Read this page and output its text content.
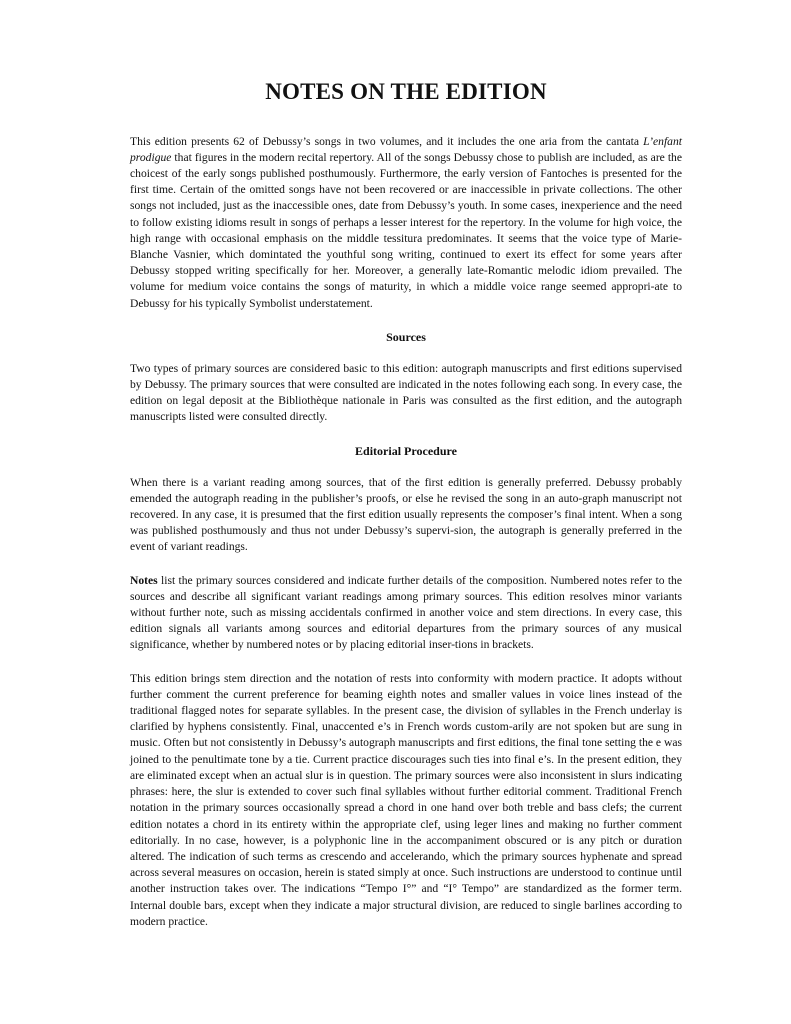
NOTES ON THE EDITION

This edition presents 62 of Debussy’s songs in two volumes, and it includes the one aria from the cantata L’enfant prodigue that figures in the modern recital repertory. All of the songs Debussy chose to publish are included, as are the choicest of the early songs published posthumously. Furthermore, the early version of Fantoches is presented for the first time. Certain of the omitted songs have not been recovered or are inaccessible in private collections. The other songs not included, just as the inaccessible ones, date from Debussy’s youth. In some cases, inexperience and the need to follow existing idioms result in songs of perhaps a lesser interest for the repertory. In the volume for high voice, the high range with occasional emphasis on the middle tessitura predominates. It seems that the voice type of Marie-Blanche Vasnier, which domintated the youthful song writing, continued to exert its effect for some years after Debussy stopped writing specifically for her. Moreover, a generally late-Romantic melodic idiom prevailed. The volume for medium voice contains the songs of maturity, in which a middle voice range seemed appropri-ate to Debussy for his typically Symbolist understatement.

Sources

Two types of primary sources are considered basic to this edition: autograph manuscripts and first editions supervised by Debussy. The primary sources that were consulted are indicated in the notes following each song. In every case, the edition on legal deposit at the Bibliothèque nationale in Paris was consulted as the first edition, and the autograph manuscripts listed were consulted directly.

Editorial Procedure

When there is a variant reading among sources, that of the first edition is generally preferred. Debussy probably emended the autograph reading in the publisher’s proofs, or else he revised the song in an auto-graph manuscript not recovered. In any case, it is presumed that the first edition usually represents the composer’s final intent. When a song was published posthumously and thus not under Debussy’s supervi-sion, the autograph is generally preferred in the event of variant readings.

Notes list the primary sources considered and indicate further details of the composition. Numbered notes refer to the sources and describe all significant variant readings among primary sources. This edition resolves minor variants without further note, such as missing accidentals confirmed in another voice and stem directions. In every case, this edition signals all variants among sources and editorial departures from the primary sources of any musical significance, whether by numbered notes or by placing editorial inser-tions in brackets.

This edition brings stem direction and the notation of rests into conformity with modern practice. It adopts without further comment the current preference for beaming eighth notes and smaller values in voice lines instead of the traditional flagged notes for separate syllables. In the present case, the division of syllables in the French underlay is clarified by hyphens consistently. Final, unaccented e’s in French words custom-arily are not spoken but are sung in music. Often but not consistently in Debussy’s autograph manuscripts and first editions, the final tone setting the e was joined to the penultimate tone by a tie. Current practice discourages such ties into final e’s. In the present edition, they are eliminated except when an actual slur is in question. The primary sources were also inconsistent in slurs indicating phrases: here, the slur is extended to cover such final syllables without further editorial comment. Traditional French notation in the primary sources occasionally spread a chord in one hand over both treble and bass clefs; the current edition notates a chord in its entirety within the appropriate clef, using leger lines and making no further comment editorially. In no case, however, is a polyphonic line in the accompaniment obscured or is any pitch or duration altered. The indication of such terms as crescendo and accelerando, which the primary sources hyphenate and spread across several measures on occasion, herein is stated simply at once. Such instructions are understood to continue until another instruction takes over. The indications “Tempo I°” and “I° Tempo” are standardized as the former term. Internal double bars, except when they indicate a major structural division, are reduced to single barlines according to modern practice.
